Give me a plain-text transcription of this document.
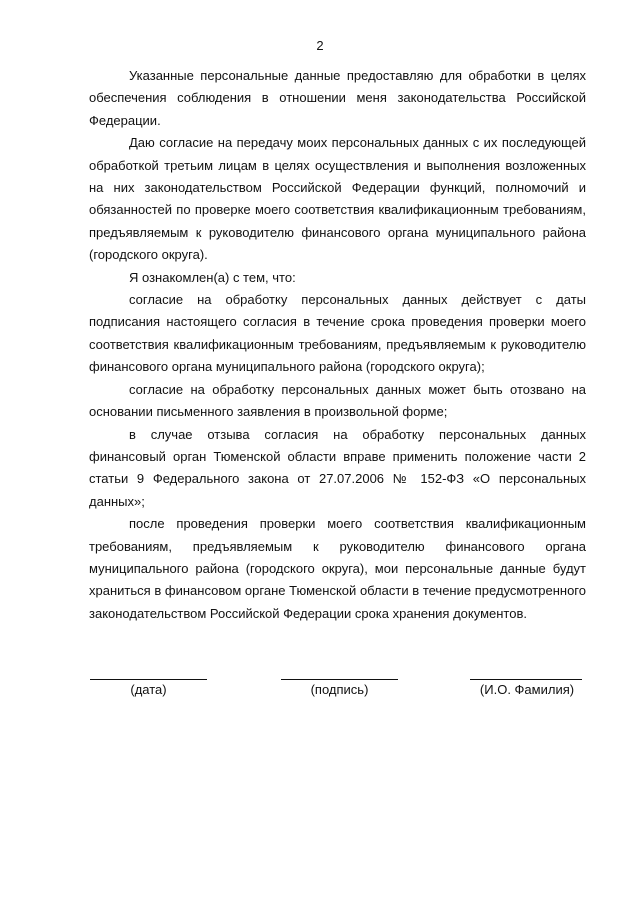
2

Указанные персональные данные предоставляю для обработки в целях обеспечения соблюдения в отношении меня законодательства Российской Федерации.

Даю согласие на передачу моих персональных данных с их последующей обработкой третьим лицам в целях осуществления и выполнения возложенных на них законодательством Российской Федерации функций, полномочий и обязанностей по проверке моего соответствия квалификационным требованиям, предъявляемым к руководителю финансового органа муниципального района (городского округа).

Я ознакомлен(а) с тем, что:

согласие на обработку персональных данных действует с даты подписания настоящего согласия в течение срока проведения проверки моего соответствия квалификационным требованиям, предъявляемым к руководителю финансового органа муниципального района (городского округа);

согласие на обработку персональных данных может быть отозвано на основании письменного заявления в произвольной форме;

в случае отзыва согласия на обработку персональных данных финансовый орган Тюменской области вправе применить положение части 2 статьи 9 Федерального закона от 27.07.2006 № 152-ФЗ «О персональных данных»;

после проведения проверки моего соответствия квалификационным требованиям, предъявляемым к руководителю финансового органа муниципального района (городского округа), мои персональные данные будут храниться в финансовом органе Тюменской области в течение предусмотренного законодательством Российской Федерации срока хранения документов.

(дата)	(подпись)	(И.О. Фамилия)
